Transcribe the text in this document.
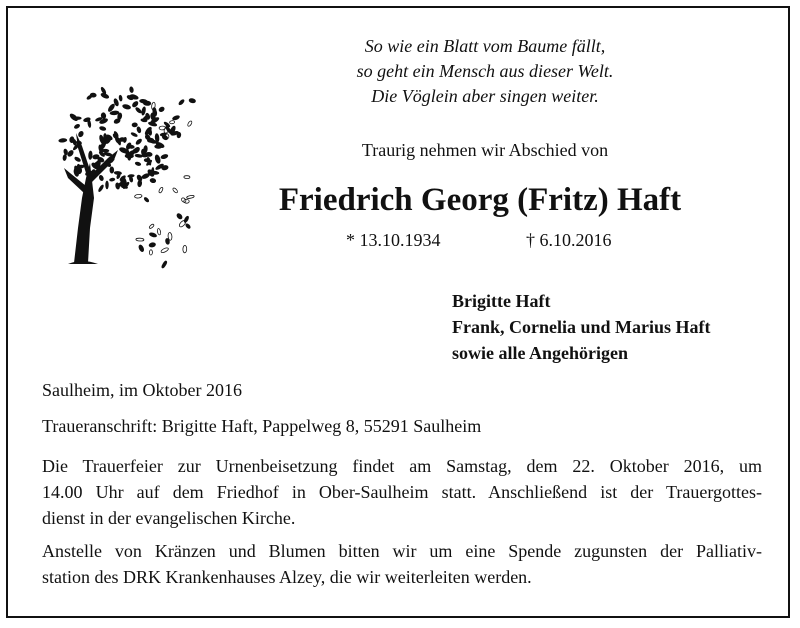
So wie ein Blatt vom Baume fällt,
so geht ein Mensch aus dieser Welt.
Die Vöglein aber singen weiter.
Traurig nehmen wir Abschied von
Friedrich Georg (Fritz) Haft
* 13.10.1934	† 6.10.2016
Brigitte Haft
Frank, Cornelia und Marius Haft
sowie alle Angehörigen
Saulheim, im Oktober 2016
Traueranschrift: Brigitte Haft, Pappelweg 8, 55291 Saulheim
Die Trauerfeier zur Urnenbeisetzung findet am Samstag, dem 22. Oktober 2016, um
14.00 Uhr auf dem Friedhof in Ober-Saulheim statt. Anschließend ist der Trauergottes-
dienst in der evangelischen Kirche.
Anstelle von Kränzen und Blumen bitten wir um eine Spende zugunsten der Palliativ-
station des DRK Krankenhauses Alzey, die wir weiterleiten werden.
